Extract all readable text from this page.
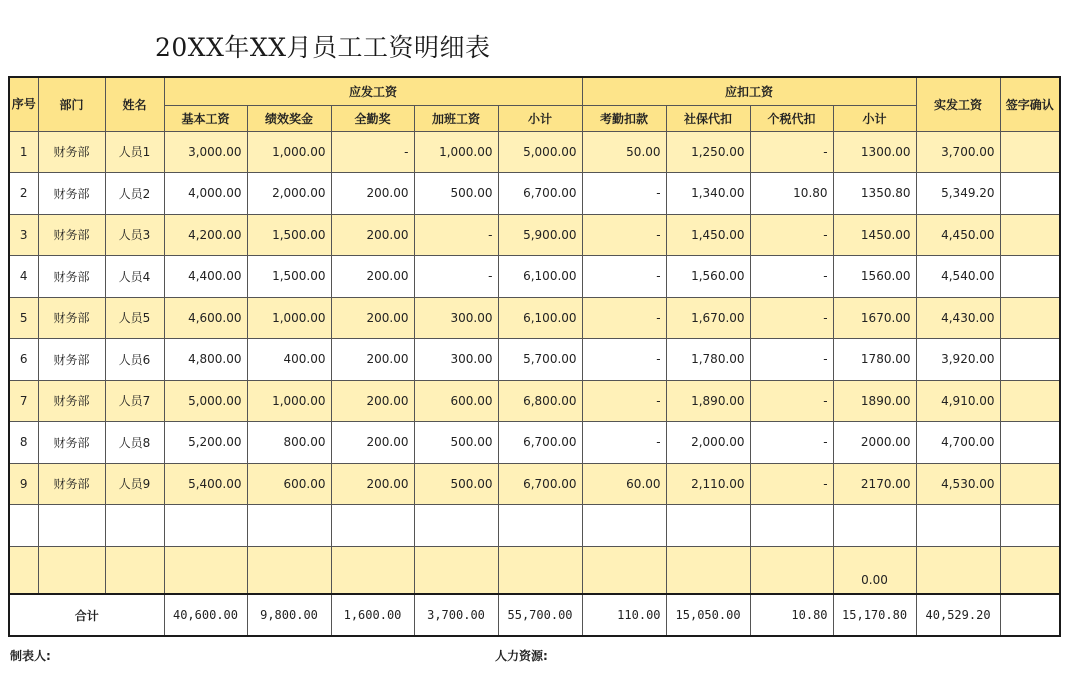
20XX年XX月员工工资明细表
序号	部门	姓名	应发工资					应扣工资				实发工资	签字确认
			基本工资	绩效奖金	全勤奖	加班工资	小计	考勤扣款	社保代扣	个税代扣	小计		
1	财务部	人员1	3,000.00	1,000.00	-	1,000.00	5,000.00	50.00	1,250.00	-	1300.00	3,700.00	
2	财务部	人员2	4,000.00	2,000.00	200.00	500.00	6,700.00	-	1,340.00	10.80	1350.80	5,349.20	
3	财务部	人员3	4,200.00	1,500.00	200.00	-	5,900.00	-	1,450.00	-	1450.00	4,450.00	
4	财务部	人员4	4,400.00	1,500.00	200.00	-	6,100.00	-	1,560.00	-	1560.00	4,540.00	
5	财务部	人员5	4,600.00	1,000.00	200.00	300.00	6,100.00	-	1,670.00	-	1670.00	4,430.00	
6	财务部	人员6	4,800.00	400.00	200.00	300.00	5,700.00	-	1,780.00	-	1780.00	3,920.00	
7	财务部	人员7	5,000.00	1,000.00	200.00	600.00	6,800.00	-	1,890.00	-	1890.00	4,910.00	
8	财务部	人员8	5,200.00	800.00	200.00	500.00	6,700.00	-	2,000.00	-	2000.00	4,700.00	
9	财务部	人员9	5,400.00	600.00	200.00	500.00	6,700.00	60.00	2,110.00	-	2170.00	4,530.00	

											0.00		
合计			40,600.00	9,800.00	1,600.00	3,700.00	55,700.00	110.00	15,050.00	10.80	15,170.80	40,529.20	
制表人:	人力资源:
